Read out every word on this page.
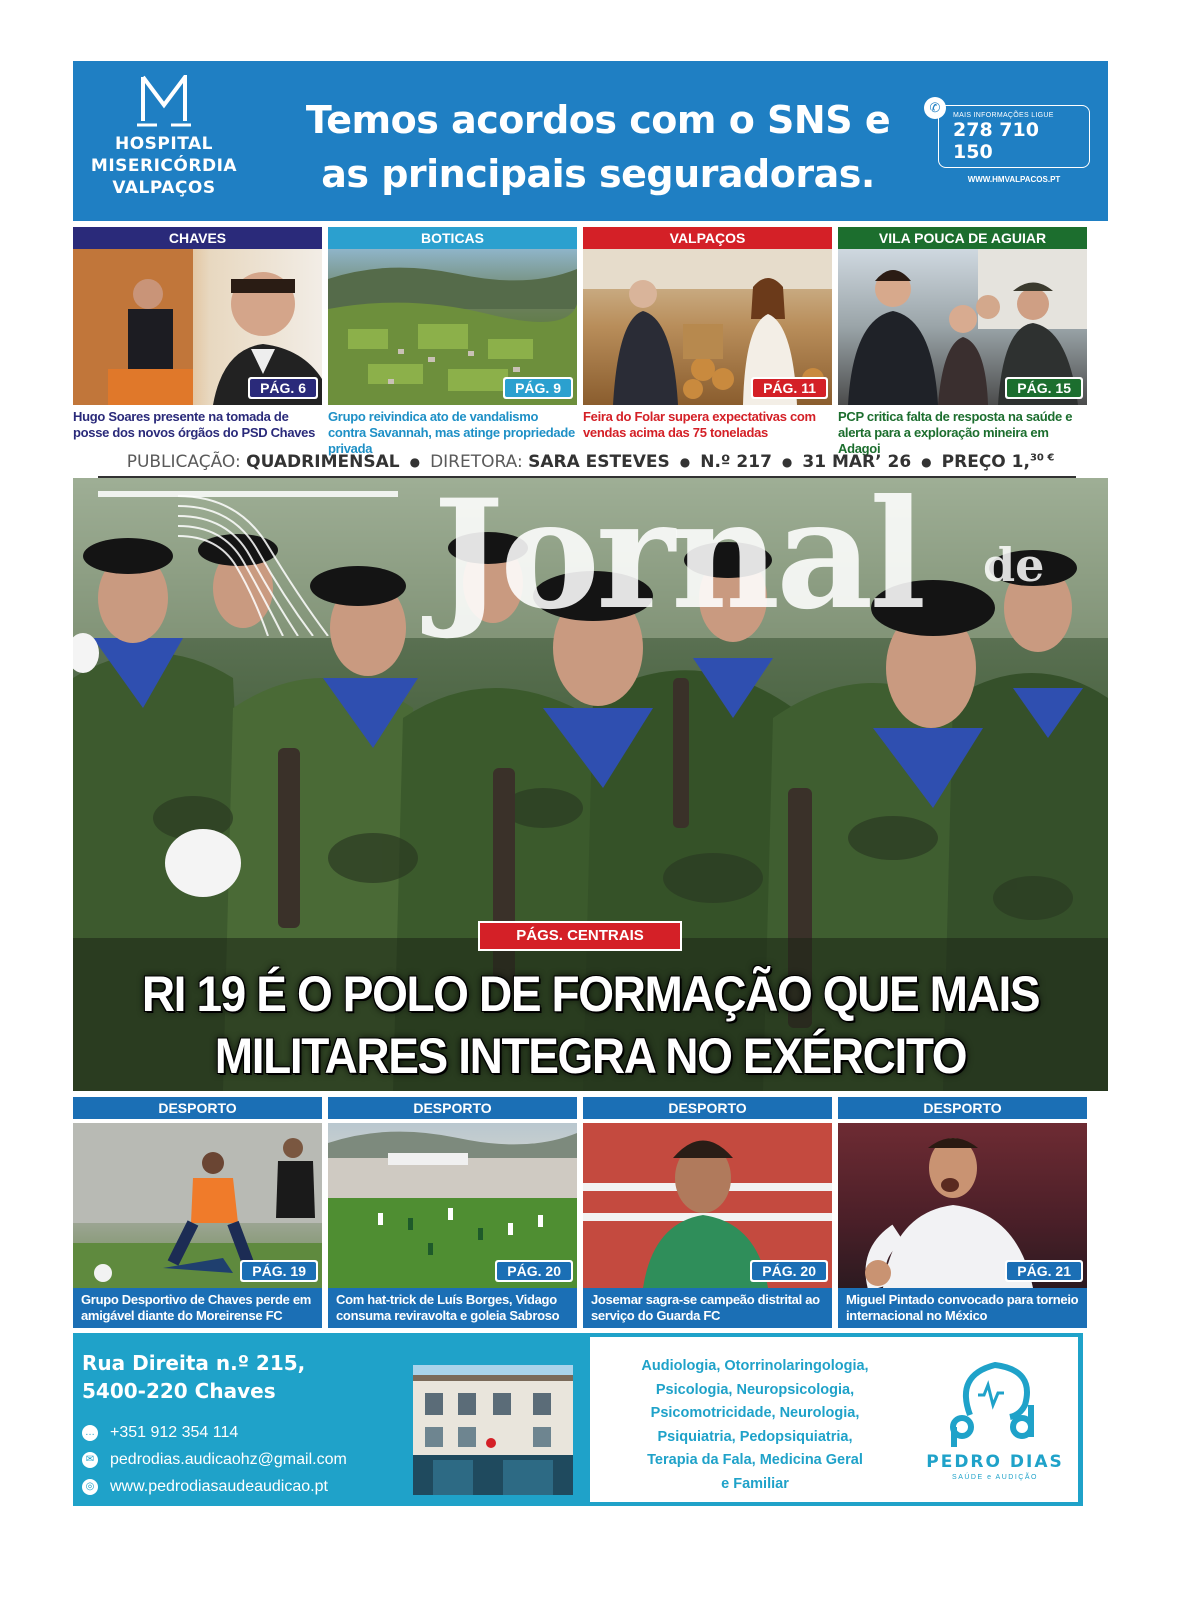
HOSPITAL
MISERICÓRDIA
VALPAÇOS
Temos acordos com o SNS e
as principais seguradoras.
✆
MAIS INFORMAÇÕES LIGUE
278 710 150
WWW.HMVALPACOS.PT
CHAVES
PÁG. 6
Hugo Soares presente na tomada de posse dos novos órgãos do PSD Chaves
BOTICAS
PÁG. 9
Grupo reivindica ato de vandalismo contra Savannah, mas atinge propriedade privada
VALPAÇOS
PÁG. 11
Feira do Folar supera expectativas com vendas acima das 75 toneladas
VILA POUCA DE AGUIAR
PÁG. 15
PCP critica falta de resposta na saúde e alerta para a exploração mineira em Adagoi
PUBLICAÇÃO: QUADRIMENSAL ● DIRETORA: SARA ESTEVES ● N.º 217 ● 31 MAR’ 26 ● PREÇO 1,$^{30 €}$
Jornal de
PÁGS. CENTRAIS
RI 19 É O POLO DE FORMAÇÃO QUE MAIS
MILITARES INTEGRA NO EXÉRCITO
DESPORTO
PÁG. 19
Grupo Desportivo de Chaves perde em amigável diante do Moreirense FC
DESPORTO
PÁG. 20
Com hat-trick de Luís Borges, Vidago consuma reviravolta e goleia Sabroso
DESPORTO
PÁG. 20
Josemar sagra-se campeão distrital ao serviço do Guarda FC
DESPORTO
PÁG. 21
Miguel Pintado convocado para torneio internacional no México
Rua Direita n.º 215,
5400-220 Chaves
… +351 912 354 114
✉ pedrodias.audicaohz@gmail.com
◎ www.pedrodiasaudeaudicao.pt
Audiologia, Otorrinolaringologia,
Psicologia, Neuropsicologia,
Psicomotricidade, Neurologia,
Psiquiatria, Pedopsiquiatria,
Terapia da Fala, Medicina Geral
e Familiar
PEDRO DIAS
SAÚDE e AUDIÇÃO
